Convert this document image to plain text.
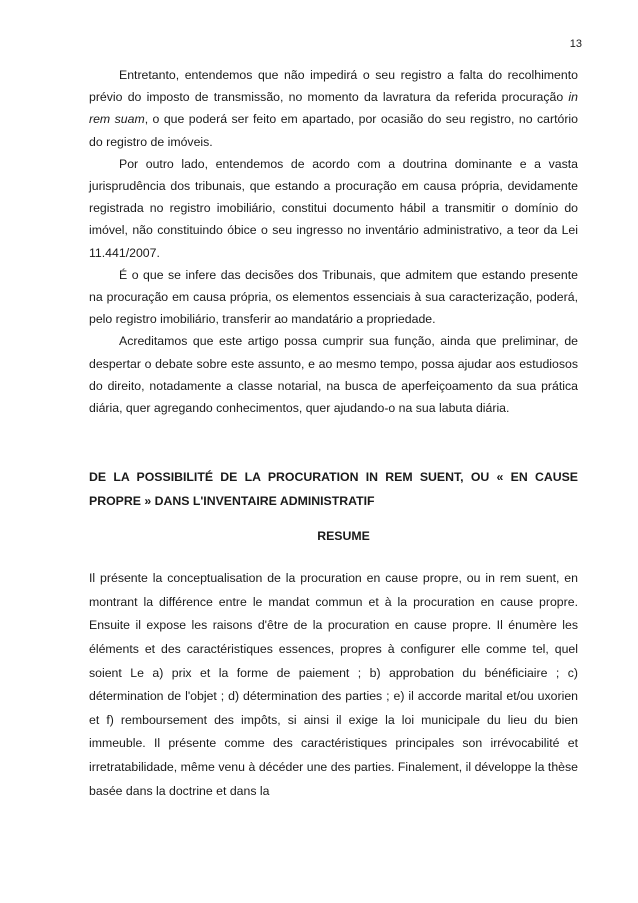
13

Entretanto, entendemos que não impedirá o seu registro a falta do recolhimento prévio do imposto de transmissão, no momento da lavratura da referida procuração in rem suam, o que poderá ser feito em apartado, por ocasião do seu registro, no cartório do registro de imóveis.

Por outro lado, entendemos de acordo com a doutrina dominante e a vasta jurisprudência dos tribunais, que estando a procuração em causa própria, devidamente registrada no registro imobiliário, constitui documento hábil a transmitir o domínio do imóvel, não constituindo óbice o seu ingresso no inventário administrativo, a teor da Lei 11.441/2007.

É o que se infere das decisões dos Tribunais, que admitem que estando presente na procuração em causa própria, os elementos essenciais à sua caracterização, poderá, pelo registro imobiliário, transferir ao mandatário a propriedade.

Acreditamos que este artigo possa cumprir sua função, ainda que preliminar, de despertar o debate sobre este assunto, e ao mesmo tempo, possa ajudar aos estudiosos do direito, notadamente a classe notarial, na busca de aperfeiçoamento da sua prática diária, quer agregando conhecimentos, quer ajudando-o na sua labuta diária.

DE LA POSSIBILITÉ DE LA PROCURATION IN REM SUENT, OU « EN CAUSE PROPRE » DANS L'INVENTAIRE ADMINISTRATIF
RESUME
Il présente la conceptualisation de la procuration en cause propre, ou in rem suent, en montrant la différence entre le mandat commun et à la procuration en cause propre. Ensuite il expose les raisons d'être de la procuration en cause propre. Il énumère les éléments et des caractéristiques essences, propres à configurer elle comme tel, quel soient Le a) prix et la forme de paiement ; b) approbation du bénéficiaire ; c) détermination de l'objet ; d) détermination des parties ; e) il accorde marital et/ou uxorien et f) remboursement des impôts, si ainsi il exige la loi municipale du lieu du bien immeuble. Il présente comme des caractéristiques principales son irrévocabilité et irretratabilidade, même venu à décéder une des parties. Finalement, il développe la thèse basée dans la doctrine et dans la
